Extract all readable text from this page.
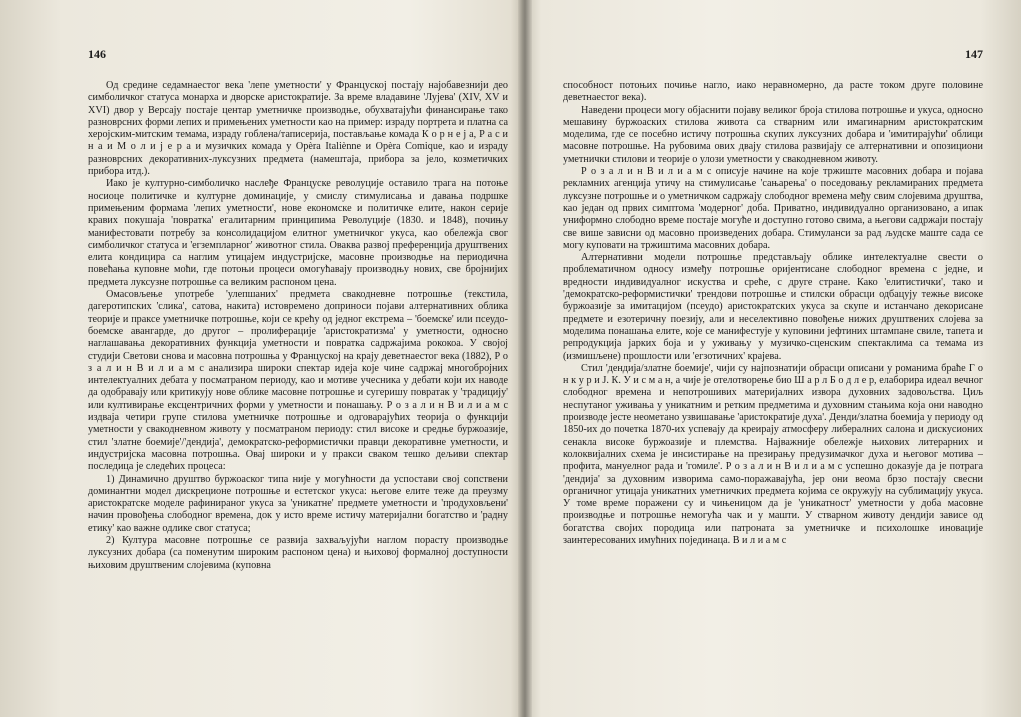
146

Од средине седамнаестог века 'лепе уметности' у Француској постају најобавезнији део симболичког статуса монарха и дворске аристократије. За време владавине 'Лујева' (XIV, XV и XVI) двор у Версају постаје центар уметничке производње, обухватајући финансирање тако разноврсних форми лепих и примењених уметности као на пример: израду портрета и платна са херојским-митским темама, израду гоблена/таписерија, постављање комада К о р н е ј а, Р а с и н а и М о л и ј е р а и музичких комада у Opèra Italiènne и Opèra Comique, као и израду разноврсних декоративних-луксузних предмета (намештаја, прибора за јело, козметичких прибора итд.).

Иако је културно-симболичко наслеђе Француске револуције оставило трага на потоње носиоце политичке и културне доминације, у смислу стимулисања и давања подршке примењеним формама 'лепих уметности', нове економске и политичке елите, након серије кравих покушаја 'повратка' егалитарним принципима Револуције (1830. и 1848), почињу манифестовати потребу за консолидацијом елитног уметничког укуса, као обележја свог симболичког статуса и 'егземпларног' животног стила. Оваква развој преференција друштвених елита кондицира са наглим утицајем индустријске, масовне производње на периодична повећања куповне моћи, где потоњи процеси омогућавају производњу нових, све бројнијих предмета луксузне потрошње са великим распоном цена.

Омасовљење употребе 'улепшаних' предмета свакодневне потрошње (текстила, дагеротипских 'слика', сатова, накита) истовремено доприноси појави алтернативних облика теорије и праксе уметничке потрошње, који се крећу од једног екстрема – 'боемске' или псеудо-боемске авангарде, до другог – пролиферације 'аристократизма' у уметности, односно наглашавања декоративних функција уметности и повратка садржајима рококоа. У својој студији Светови снова и масовна потрошња у Француској на крају деветнаестог века (1882), Р о з а л и н В и л и а м с анализира широки спектар идеја које чине садржај многобројних интелектуалних дебата у посматраном периоду, као и мотиве учесника у дебати који их наводе да одобравају или критикују нове облике масовне потрошње и сугеришу повратак у 'традицију' или култивирање ексцентричних форми у уметности и понашању. Р о з а л и н В и л и а м с издваја четири групе стилова уметничке потрошње и одговарајућих теорија о функцији уметности у свакодневном животу у посматраном периоду: стил високе и средње буржоазије, стил 'златне боемије'/'дендија', демократско-реформистички правци декоративне уметности, и индустријска масовна потрошња. Овај широки и у пракси сваком тешко дељиви спектар последица је следећих процеса:

1) Динамично друштво буржоаског типа није у могућности да успостави свој сопствени доминантни модел дискреционе потрошње и естетског укуса: његове елите теже да преузму аристократске моделе рафинираног укуса за 'уникатне' предмете уметности и 'продуховљени' начин провођења слободног времена, док у исто време истичу материјални богатство и 'радну етику' као важне одлике свог статуса;

2) Култура масовне потрошње се развија захваљујући наглом порасту производње луксузних добара (са поменутим широким распоном цена) и њиховој формалној доступности њиховим друштвеним слојевима (куповна

147

способност потоњих почиње нагло, иако неравномерно, да расте током друге половине деветнаестог века).

Наведени процеси могу објаснити појаву великог броја стилова потрошње и укуса, односно мешавину буржоаских стилова живота са стварним или имагинарним аристократским моделима, где се посебно истичу потрошња скупих луксузних добара и 'имитирајући' облици масовне потрошње. На рубовима ових двају стилова развијају се алтернативни и опозициони уметнички стилови и теорије о улози уметности у свакодневном животу.

Р о з а л и н В и л и а м с описује начине на које тржиште масовних добара и појава рекламних агенција утичу на стимулисање 'сањарења' о поседовању рекламираних предмета луксузне потрошње и о уметничком садржају слободног времена међу свим слојевима друштва, као један од првих симптома 'модерног' доба. Приватно, индивидуално организовано, а ипак униформно слободно време постаје могуће и доступно готово свима, а његови садржаји постају све више зависни од масовно произведених добара. Стимуланси за рад људске маште сада се могу куповати на тржиштима масовних добара.

Алтернативни модели потрошње представљају облике интелектуалне свести о проблематичном односу између потрошње оријентисане слободног времена с једне, и вредности индивидуалног искуства и срећe, с друге стране. Како 'елитистички', тако и 'демократско-реформистички' трендови потрошње и стилски обрасци одбацују тежње високе буржоазије за имитацијом (псеудо) аристократских укуса за скупе и истанчано декорисане предмете и езотеричну поезију, али и неселективно повођење нижих друштвених слојева за моделима понашања елите, које се манифестује у куповини јефтиних штампане свиле, тапета и репродукција јарких боја и у уживању у музичко-сценским спектаклима са темама из (измишљене) прошлости или 'егзотичних' крајева.

Стил 'дендија/златне боемије', чији су најпознатији обрасци описани у романима браће Г о н к у р и Ј. К. У и с м а н, а чије је отелотворење био Ш а р л Б о д л е р, елаборира идеал вечног слободног времена и непотрошивих материјалних извора духовних задовољства. Циљ неспутаног уживања у уникатним и ретким предметима и духовним стањима која они наводно производе јесте неометано узвишавање 'аристократије духа'. Денди/златна боемија у периоду од 1850-их до почетка 1870-их успевају да креирају атмосферу либералних салона и дискусионих сенакла високе буржоазије и племства. Најважније обележје њихових литерарних и колоквијалних схема је инсистирање на презирању предузимачког духа и његовог мотива – профита, мануелног рада и 'гомиле'. Р о з а л и н В и л и а м с успешно доказује да је потрага 'дендија' за духовним изворима само-поражавајућа, јер они веома брзо постају свесни органичног утицаја уникатних уметничких предмета којима се окружују на сублимацију укуса. У томе време поражени су и чињеницом да је 'уникатност' уметности у доба масовне производње и потрошње немогућа чак и у машти. У стварном животу дендији зависе од богатства својих породица или патроната за уметничке и психолошке иновације заинтересованих имућних појединаца. В и л и а м с
